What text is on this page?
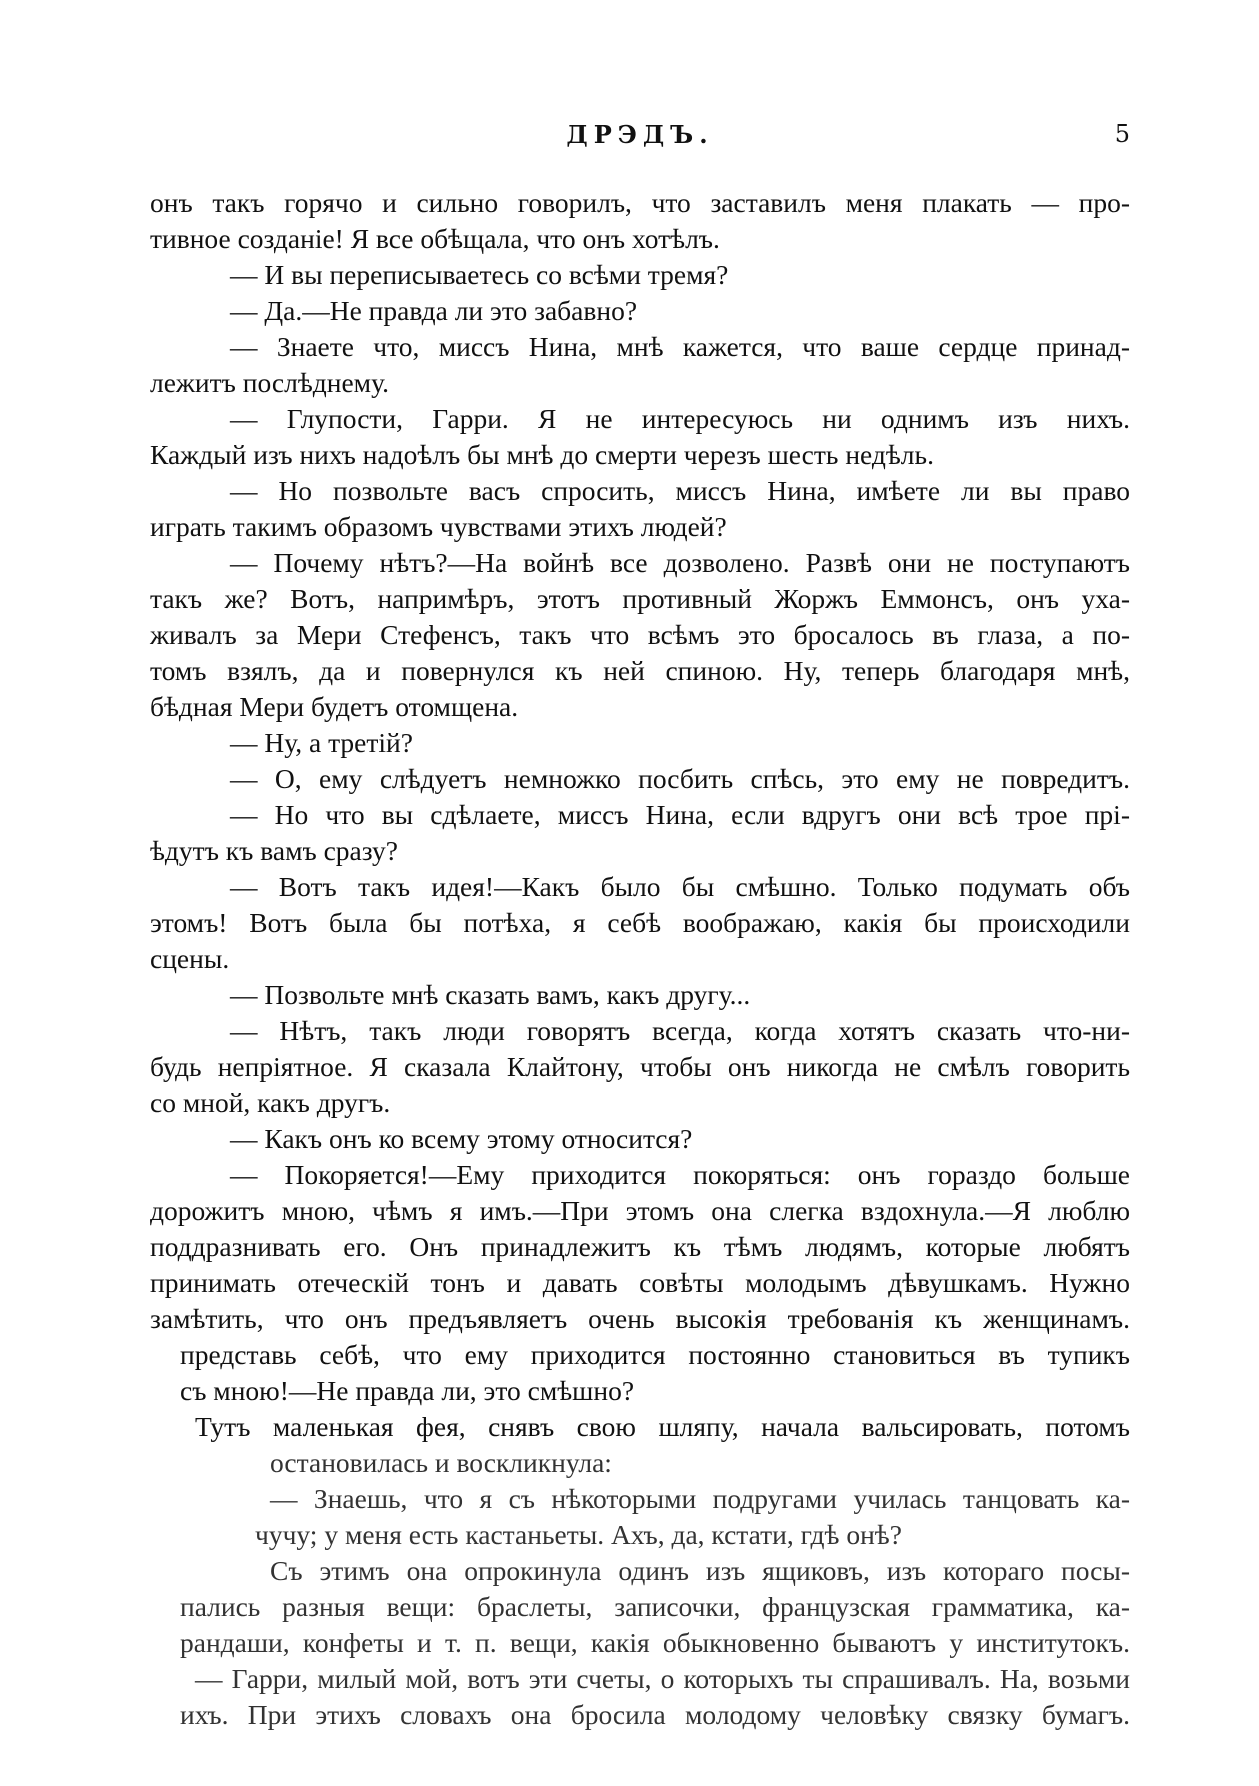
ДРЭДЪ.	5
онъ такъ горячо и сильно говорилъ, что заставилъ меня плакать — про-
тивное созданіе! Я все обѣщала, что онъ хотѣлъ.
— И вы переписываетесь со всѣми тремя?
— Да.—Не правда ли это забавно?
— Знаете что, миссъ Нина, мнѣ кажется, что ваше сердце принад-
лежитъ послѣднему.
— Глупости, Гарри. Я не интересуюсь ни однимъ изъ нихъ.
Каждый изъ нихъ надоѣлъ бы мнѣ до смерти черезъ шесть недѣль.
— Но позвольте васъ спросить, миссъ Нина, имѣете ли вы право
играть такимъ образомъ чувствами этихъ людей?
— Почему нѣтъ?—На войнѣ все дозволено. Развѣ они не поступаютъ
такъ же? Вотъ, напримѣръ, этотъ противный Жоржъ Еммонсъ, онъ уха-
живалъ за Мери Стефенсъ, такъ что всѣмъ это бросалось въ глаза, а по-
томъ взялъ, да и повернулся къ ней спиною. Ну, теперь благодаря мнѣ,
бѣдная Мери будетъ отомщена.
— Ну, а третій?
— О, ему слѣдуетъ немножко посбить спѣсь, это ему не повредитъ.
— Но что вы сдѣлаете, миссъ Нина, если вдругъ они всѣ трое прі-
ѣдутъ къ вамъ сразу?
— Вотъ такъ идея!—Какъ было бы смѣшно. Только подумать объ
этомъ! Вотъ была бы потѣха, я себѣ воображаю, какія бы происходили
сцены.
— Позвольте мнѣ сказать вамъ, какъ другу...
— Нѣтъ, такъ люди говорятъ всегда, когда хотятъ сказать что-ни-
будь непріятное. Я сказала Клайтону, чтобы онъ никогда не смѣлъ говорить
со мной, какъ другъ.
— Какъ онъ ко всему этому относится?
— Покоряется!—Ему приходится покоряться: онъ гораздо больше
дорожитъ мною, чѣмъ я имъ.—При этомъ она слегка вздохнула.—Я люблю
поддразнивать его. Онъ принадлежитъ къ тѣмъ людямъ, которые любятъ
принимать отеческій тонъ и давать совѣты молодымъ дѣвушкамъ. Нужно
замѣтить, что онъ предъявляетъ очень высокія требованія къ женщинамъ.
представь себѣ, что ему приходится постоянно становиться въ тупикъ
съ мною!—Не правда ли, это смѣшно?
Тутъ маленькая фея, снявъ свою шляпу, начала вальсировать, потомъ
остановилась и воскликнула:
— Знаешь, что я съ нѣкоторыми подругами училась танцовать ка-
чучу; у меня есть кастаньеты. Ахъ, да, кстати, гдѣ онѣ?
Съ этимъ она опрокинула одинъ изъ ящиковъ, изъ котораго посы-
пались разныя вещи: браслеты, записочки, французская грамматика, ка-
рандаши, конфеты и т. п. вещи, какія обыкновенно бываютъ у институтокъ.
— Гарри, милый мой, вотъ эти счеты, о которыхъ ты спрашивалъ. На, возьми
ихъ. При этихъ словахъ она бросила молодому человѣку связку бумагъ.
